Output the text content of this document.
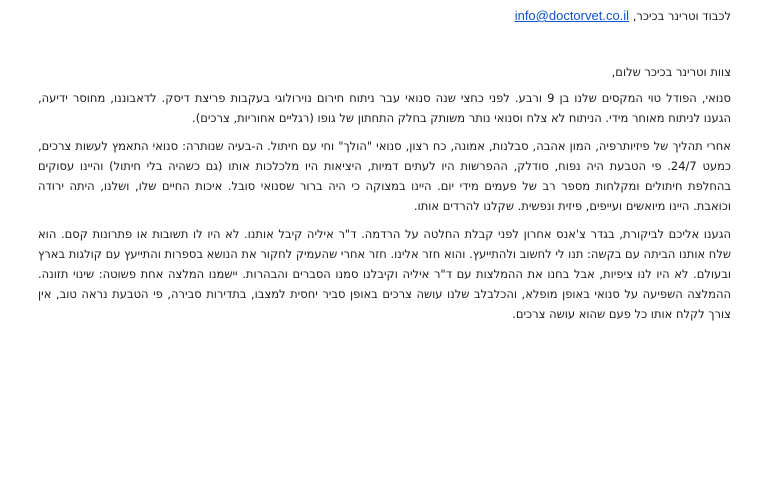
לכבוד וטרינר בכיכר, info@doctorvet.co.il

צוות וטרינר בכיכר שלום,

סנואי, הפודל טוי המקסים שלנו בן 9 ורבע. לפני כחצי שנה סנואי עבר ניתוח חירום נוירולוגי בעקבות פריצת דיסק. לדאבוננו, מחוסר ידיעה, הגענו לניתוח מאוחר מידי. הניתוח לא צלח וסנואי נותר משותק בחלק התחתון של גופו (רגליים אחוריות, צרכים).

אחרי תהליך של פיזיותרפיה, המון אהבה, סבלנות, אמונה, כח רצון, סנואי "הולך" וחי עם חיתול. ה-בעיה שנותרה: סנואי התאמץ לעשות צרכים, כמעט 24/7. פי הטבעת היה נפוח, סודלק, ההפרשות היו לעתים דמיות, היציאות היו מלכלכות אותו (גם כשהיה בלי חיתול) והיינו עסוקים בהחלפת חיתולים ומקלחות מספר רב של פעמים מידי יום. היינו במצוקה כי היה ברור שסנואי סובל. איכות החיים שלו, ושלנו, היתה ירודה וכואבת. היינו מיואשים ועייפים, פיזית ונפשית. שקלנו להרדים אותו.

הגענו אליכם לביקורת, בגדר צ'אנס אחרון לפני קבלת החלטה על הרדמה. ד"ר איליה קיבל אותנו. לא היו לו תשובות או פתרונות קסם. הוא שלח אותנו הביתה עם בקשה: תנו לי לחשוב ולהתייעץ. והוא חזר אלינו. חזר אחרי שהעמיק לחקור את הנושא בספרות והתייעץ עם קולגות בארץ ובעולם. לא היו לנו ציפיות, אבל בחנו את ההמלצות עם ד"ר איליה וקיבלנו סמנו הסברים והבהרות. יישמנו המלצה אחת פשוטה: שינוי תזונה. ההמלצה השפיעה על סנואי באופן מופלא, והכלבלב שלנו עושה צרכים באופן סביר יחסית למצבו, בתדירות סבירה, פי הטבעת נראה טוב, אין צורך לקלח אותו כל פעם שהוא עושה צרכים.
